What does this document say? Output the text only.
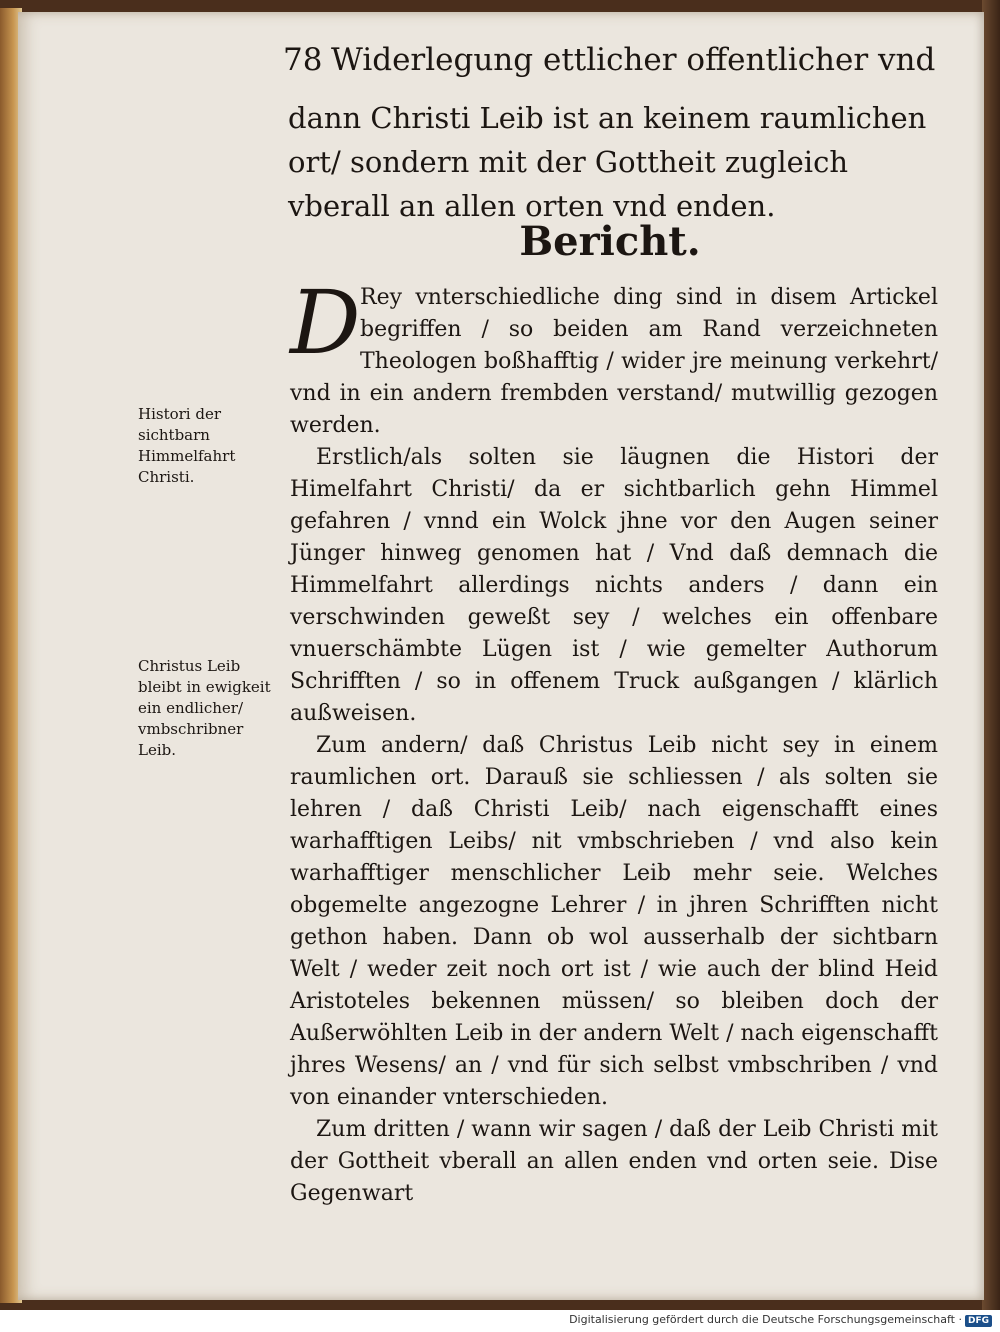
78 Widerlegung ettlicher offentlicher vnd
dann Christi Leib ist an keinem raumlichen ort/ sondern mit der Gottheit zugleich vberall an allen orten vnd enden.
Bericht.

D Rey vnterschiedliche ding sind in disem Artickel begriffen / so beiden am Rand verzeichneten Theologen boßhafftig / wider jre meinung verkehrt/ vnd in ein andern frembden verstand/ mutwillig gezogen werden.

Erstlich/als solten sie läugnen die Histori der Himelfahrt Christi/ da er sichtbarlich gehn Himmel gefahren / vnnd ein Wolck jhne vor den Augen seiner Jünger hinweg genomen hat / Vnd daß demnach die Himmelfahrt allerdings nichts anders / dann ein verschwinden geweßt sey / welches ein offenbare vnuerschämbte Lügen ist / wie gemelter Authorum Schrifften / so in offenem Truck außgangen / klärlich außweisen.

Zum andern/ daß Christus Leib nicht sey in einem raumlichen ort. Darauß sie schliessen / als solten sie lehren / daß Christi Leib/ nach eigenschafft eines warhafftigen Leibs/ nit vmbschrieben / vnd also kein warhafftiger menschlicher Leib mehr seie. Welches obgemelte angezogne Lehrer / in jhren Schrifften nicht gethon haben. Dann ob wol ausserhalb der sichtbarn Welt / weder zeit noch ort ist / wie auch der blind Heid Aristoteles bekennen müssen/ so bleiben doch der Außerwöhlten Leib in der andern Welt / nach eigenschafft jhres Wesens/ an / vnd für sich selbst vmbschriben / vnd von einander vnterschieden.

Zum dritten / wann wir sagen / daß der Leib Christi mit der Gottheit vberall an allen enden vnd orten seie. Dise Gegenwart

Histori der sichtbarn Himmelfahrt Christi.
Christus Leib bleibt in ewigkeit ein endlicher/ vmbschribner Leib.
Digitalisierung gefördert durch die Deutsche Forschungsgemeinschaft · DFG
